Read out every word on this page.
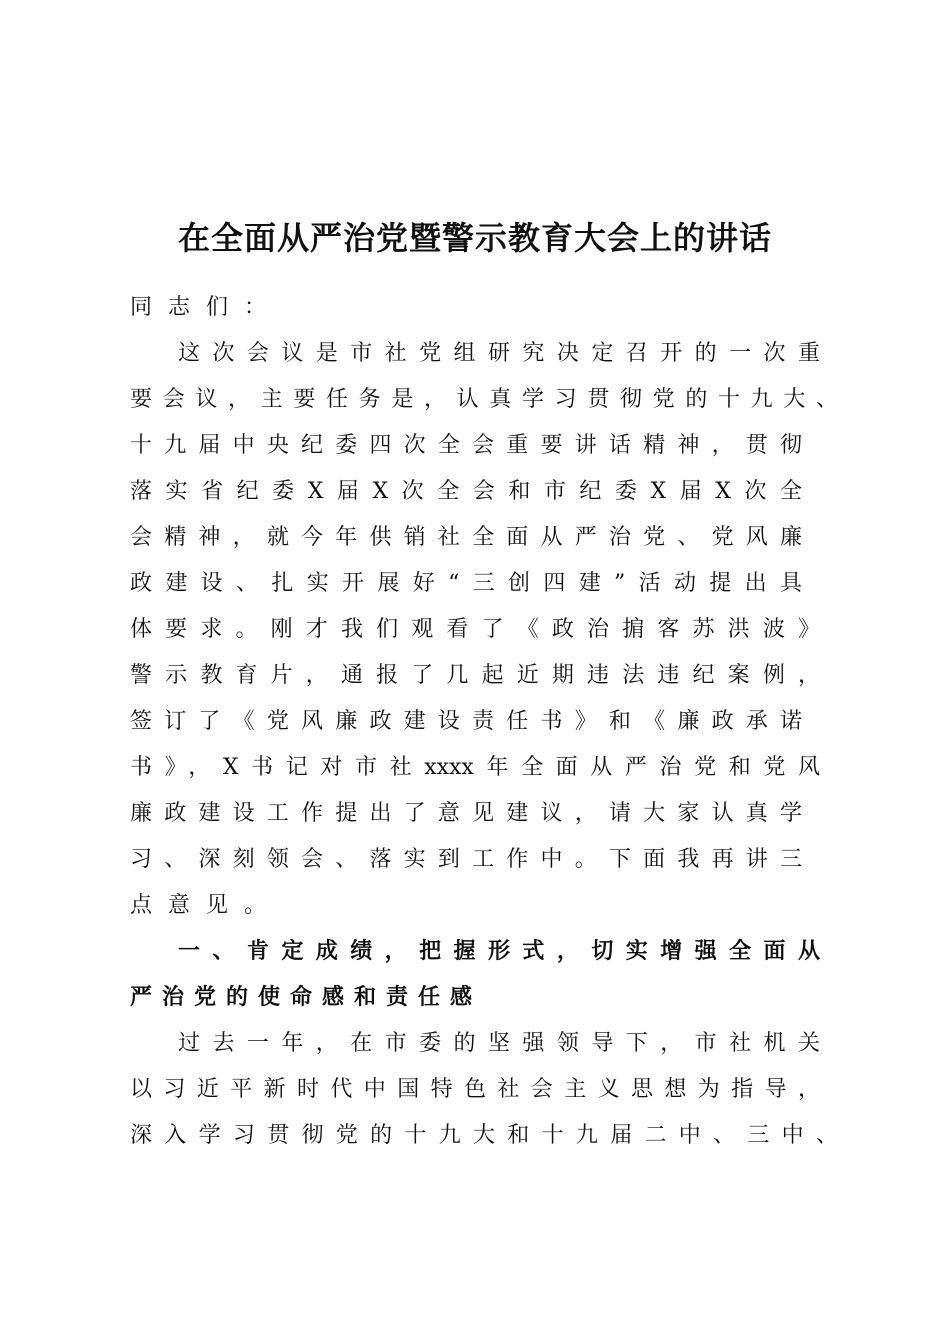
在全面从严治党暨警示教育大会上的讲话
同志们：
这次会议是市社党组研究决定召开的一次重
要会议，主要任务是，认真学习贯彻党的十九大、
十九届中央纪委四次全会重要讲话精神，贯彻
落实省纪委X届X次全会和市纪委X届X次全
会精神，就今年供销社全面从严治党、党风廉
政建设、扎实开展好“三创四建”活动提出具
体要求。刚才我们观看了《政治掮客苏洪波》
警示教育片，通报了几起近期违法违纪案例，
签订了《党风廉政建设责任书》和《廉政承诺
书》，X书记对市社xxxx年全面从严治党和党风
廉政建设工作提出了意见建议，请大家认真学
习、深刻领会、落实到工作中。下面我再讲三
点意见。
一、肯定成绩，把握形式，切实增强全面从
严治党的使命感和责任感
过去一年，在市委的坚强领导下，市社机关
以习近平新时代中国特色社会主义思想为指导，
深入学习贯彻党的十九大和十九届二中、三中、
